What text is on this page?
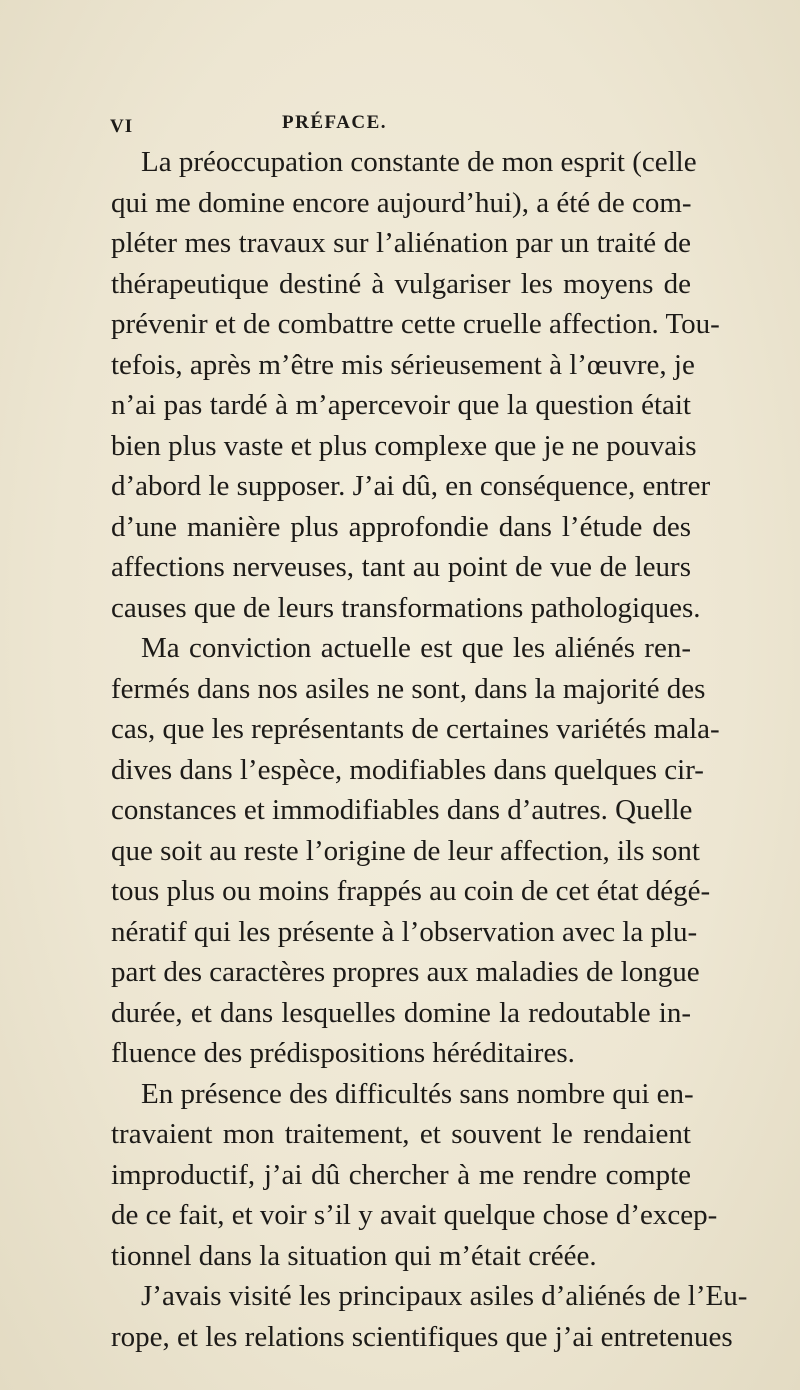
VI	PRÉFACE.
La préoccupation constante de mon esprit (celle
qui me domine encore aujourd’hui), a été de com-
pléter mes travaux sur l’aliénation par un traité de
thérapeutique destiné à vulgariser les moyens de
prévenir et de combattre cette cruelle affection. Tou-
tefois, après m’être mis sérieusement à l’œuvre, je
n’ai pas tardé à m’apercevoir que la question était
bien plus vaste et plus complexe que je ne pouvais
d’abord le supposer. J’ai dû, en conséquence, entrer
d’une manière plus approfondie dans l’étude des
affections nerveuses, tant au point de vue de leurs
causes que de leurs transformations pathologiques.
Ma conviction actuelle est que les aliénés ren-
fermés dans nos asiles ne sont, dans la majorité des
cas, que les représentants de certaines variétés mala-
dives dans l’espèce, modifiables dans quelques cir-
constances et immodifiables dans d’autres. Quelle
que soit au reste l’origine de leur affection, ils sont
tous plus ou moins frappés au coin de cet état dégé-
nératif qui les présente à l’observation avec la plu-
part des caractères propres aux maladies de longue
durée, et dans lesquelles domine la redoutable in-
fluence des prédispositions héréditaires.
En présence des difficultés sans nombre qui en-
travaient mon traitement, et souvent le rendaient
improductif, j’ai dû chercher à me rendre compte
de ce fait, et voir s’il y avait quelque chose d’excep-
tionnel dans la situation qui m’était créée.
J’avais visité les principaux asiles d’aliénés de l’Eu-
rope, et les relations scientifiques que j’ai entretenues
